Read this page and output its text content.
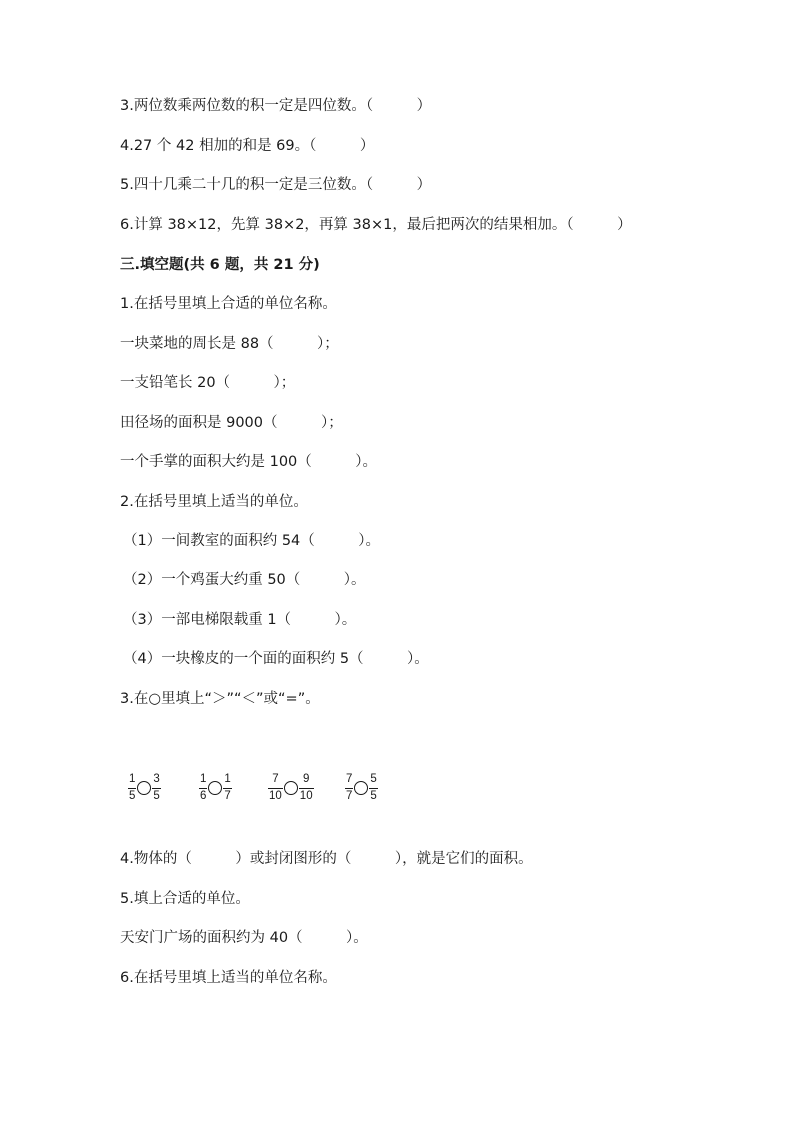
3.两位数乘两位数的积一定是四位数。（　　　）
4.27 个 42 相加的和是 69。（　　　）
5.四十几乘二十几的积一定是三位数。（　　　）
6.计算 38×12，先算 38×2，再算 38×1，最后把两次的结果相加。（　　　）
三.填空题(共 6 题，共 21 分)
1.在括号里填上合适的单位名称。
一块菜地的周长是 88（　　　）；
一支铅笔长 20（　　　）；
田径场的面积是 9000（　　　）；
一个手掌的面积大约是 100（　　　）。
2.在括号里填上适当的单位。
（1）一间教室的面积约 54（　　　）。
（2）一个鸡蛋大约重 50（　　　）。
（3）一部电梯限载重 1（　　　）。
（4）一块橡皮的一个面的面积约 5（　　　）。
3.在○里填上“＞”“＜”或“=”。
$\frac{1}{5} \frac{3}{5}$	$\frac{1}{6} \frac{1}{7}$	$\frac{7}{10} \frac{9}{10}$	$\frac{7}{7} \frac{5}{5}$
4.物体的（　　　）或封闭图形的（　　　），就是它们的面积。
5.填上合适的单位。
天安门广场的面积约为 40（　　　）。
6.在括号里填上适当的单位名称。
